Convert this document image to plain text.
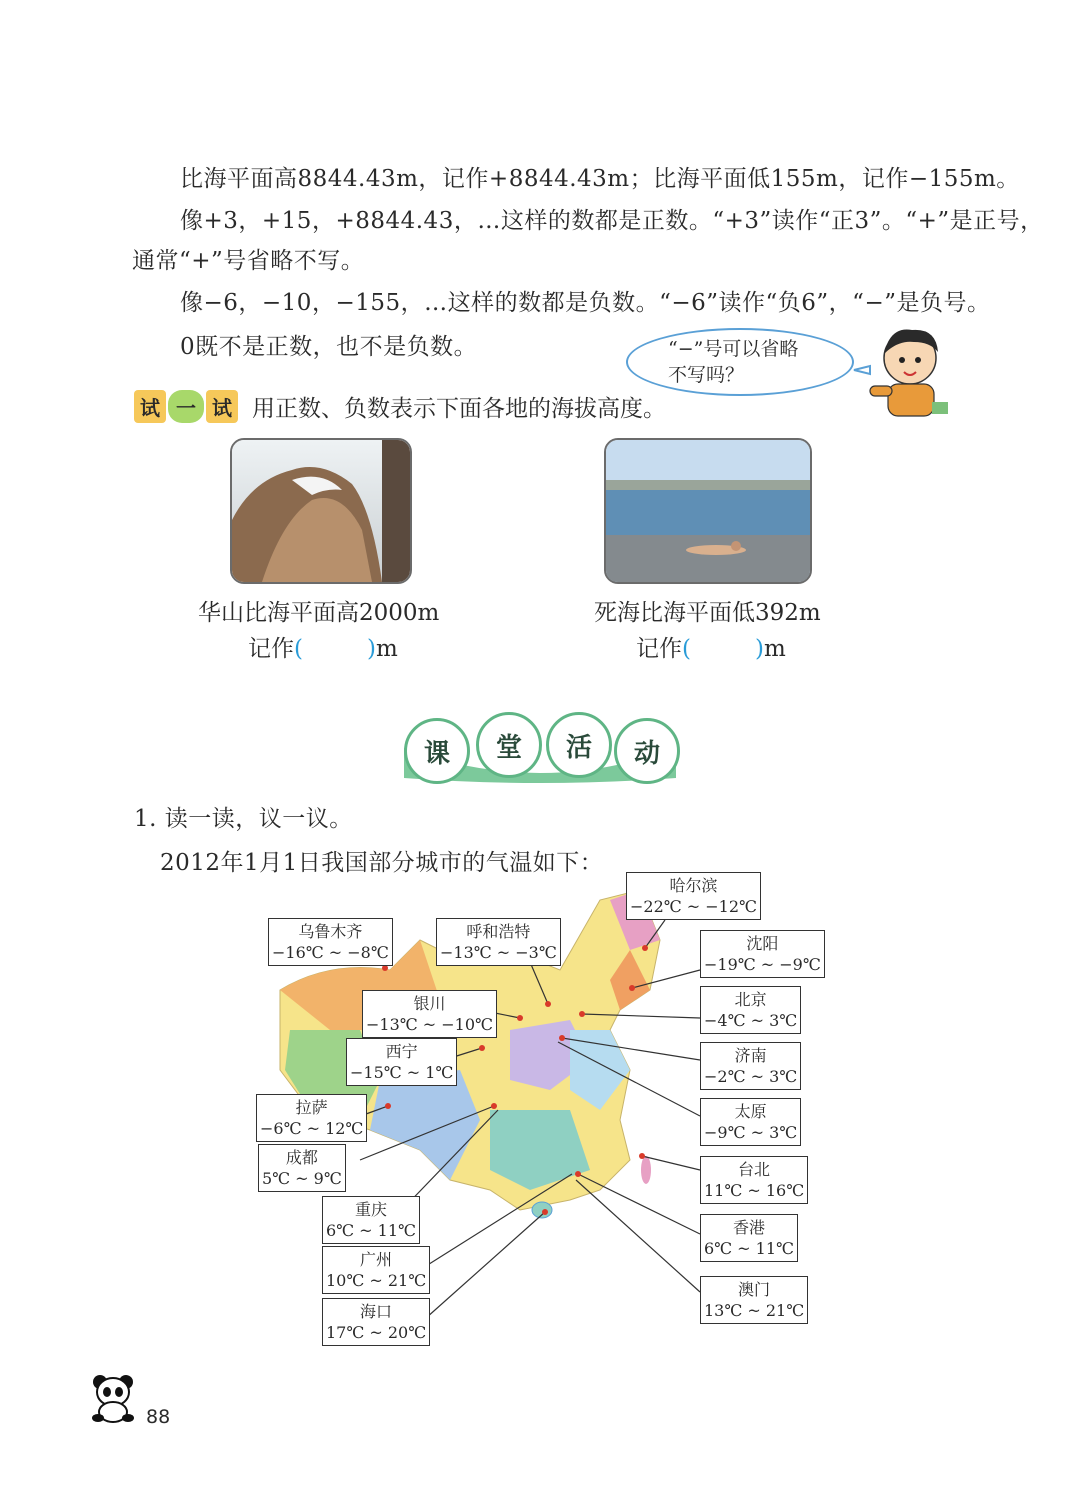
比海平面高8844.43m，记作+8844.43m；比海平面低155m，记作−155m。
像+3，+15，+8844.43，…这样的数都是正数。“+3”读作“正3”。“+”是正号，
通常“+”号省略不写。
像−6，−10，−155，…这样的数都是负数。“−6”读作“负6”，“−”是负号。
0既不是正数，也不是负数。	“−”号可以省略
不写吗？
试 一 试 用正数、负数表示下面各地的海拔高度。
华山比海平面高2000m
记作(	)m
死海比海平面低392m
记作(	)m
课	堂	活	动
1. 读一读，议一议。
2012年1月1日我国部分城市的气温如下：
哈尔滨
−22℃ ~ −12℃
乌鲁木齐
−16℃ ~ −8℃
呼和浩特
−13℃ ~ −3℃	沈阳
−19℃ ~ −9℃
银川
−13℃ ~ −10℃
北京
−4℃ ~ 3℃
西宁
−15℃ ~ 1℃
济南
−2℃ ~ 3℃
拉萨
−6℃ ~ 12℃
太原
−9℃ ~ 3℃
成都
5℃ ~ 9℃	台北
11℃ ~ 16℃
重庆
6℃ ~ 11℃	香港
6℃ ~ 11℃
广州
10℃ ~ 21℃	澳门
13℃ ~ 21℃
海口
17℃ ~ 20℃
88
